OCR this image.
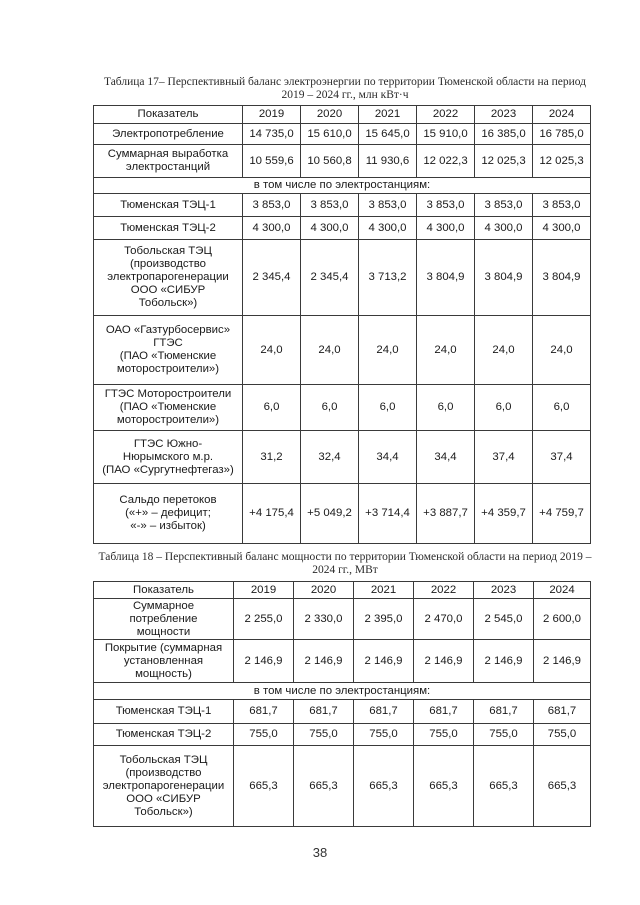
Таблица 17– Перспективный баланс электроэнергии по территории Тюменской области на период 2019 – 2024 гг., млн кВт·ч
Показатель	2019	2020	2021	2022	2023	2024
Электропотребление	14 735,0	15 610,0	15 645,0	15 910,0	16 385,0	16 785,0
Суммарная выработка
электростанций	10 559,6	10 560,8	11 930,6	12 022,3	12 025,3	12 025,3
в том числе по электростанциям:						
Тюменская ТЭЦ-1	3 853,0	3 853,0	3 853,0	3 853,0	3 853,0	3 853,0
Тюменская ТЭЦ-2	4 300,0	4 300,0	4 300,0	4 300,0	4 300,0	4 300,0
Тобольская ТЭЦ
(производство
электропарогенерации
ООО «СИБУР
Тобольск»)	2 345,4	2 345,4	3 713,2	3 804,9	3 804,9	3 804,9
ОАО «Газтурбосервис»
ГТЭС
(ПАО «Тюменские
моторостроители»)	24,0	24,0	24,0	24,0	24,0	24,0
ГТЭС Моторостроители
(ПАО «Тюменские
моторостроители»)	6,0	6,0	6,0	6,0	6,0	6,0
ГТЭС Южно-
Нюрымского м.р.
(ПАО «Сургутнефтегаз»)	31,2	32,4	34,4	34,4	37,4	37,4
Сальдо перетоков
(«+» – дефицит;
«-» – избыток)	+4 175,4	+5 049,2	+3 714,4	+3 887,7	+4 359,7	+4 759,7
Таблица 18 – Перспективный баланс мощности по территории Тюменской области на период 2019 – 2024 гг., МВт
Показатель	2019	2020	2021	2022	2023	2024
Суммарное
потребление
мощности	2 255,0	2 330,0	2 395,0	2 470,0	2 545,0	2 600,0
Покрытие (суммарная
установленная
мощность)	2 146,9	2 146,9	2 146,9	2 146,9	2 146,9	2 146,9
в том числе по электростанциям:						
Тюменская ТЭЦ-1	681,7	681,7	681,7	681,7	681,7	681,7
Тюменская ТЭЦ-2	755,0	755,0	755,0	755,0	755,0	755,0
Тобольская ТЭЦ
(производство
электропарогенерации
ООО «СИБУР
Тобольск»)	665,3	665,3	665,3	665,3	665,3	665,3
38
